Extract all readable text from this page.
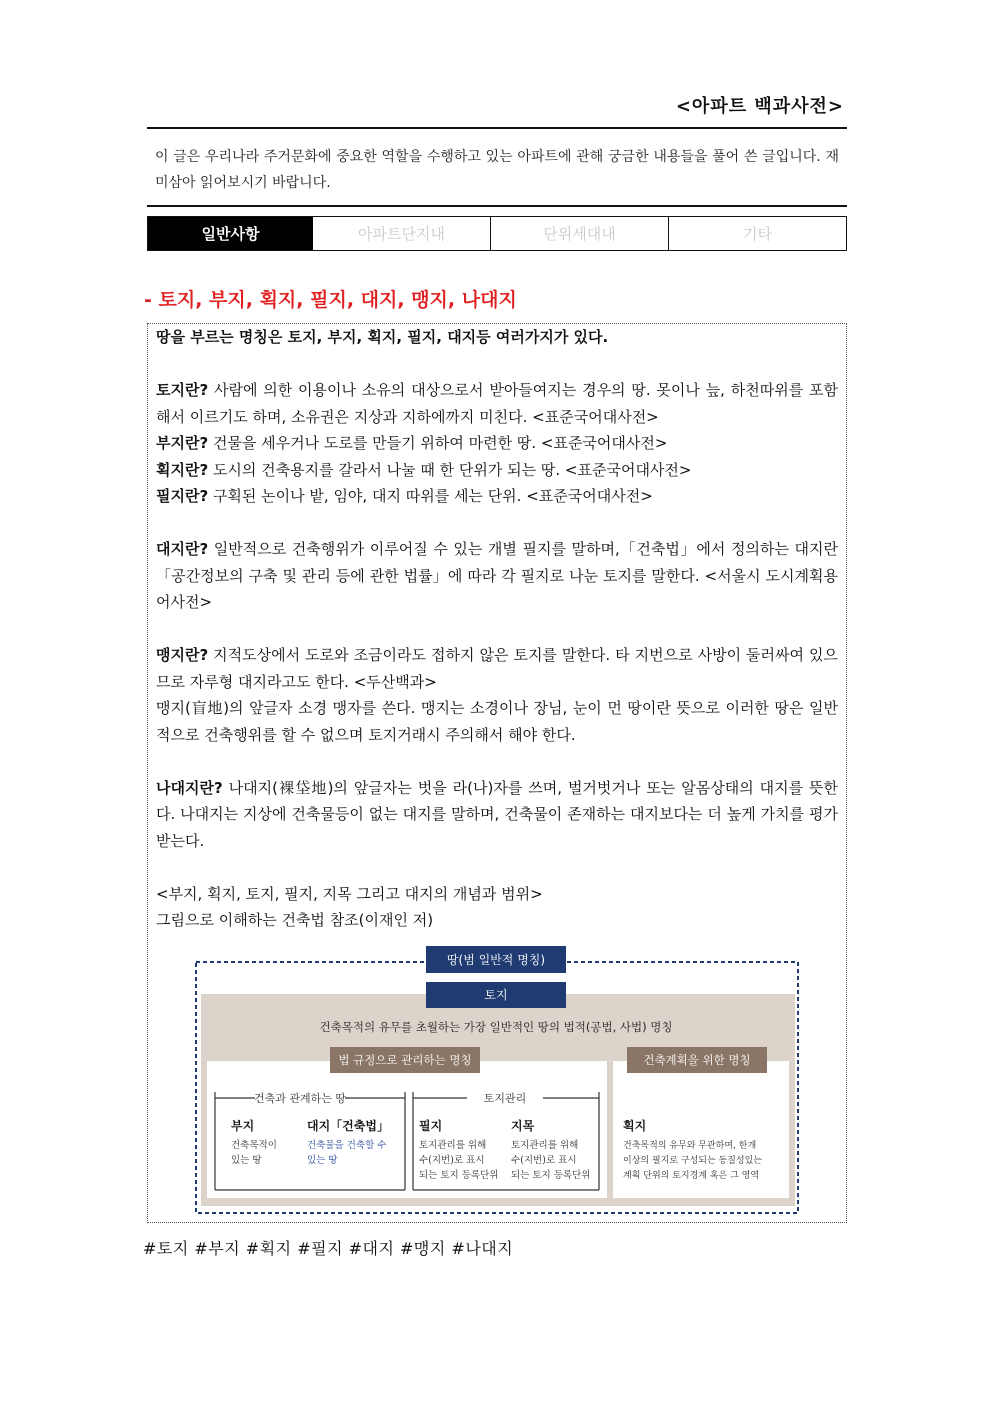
<아파트 백과사전>
이 글은 우리나라 주거문화에 중요한 역할을 수행하고 있는 아파트에 관해 궁금한 내용들을 풀어 쓴 글입니다. 재미삼아 읽어보시기 바랍니다.
일반사항	아파트단지내	단위세대내	기타
- 토지, 부지, 획지, 필지, 대지, 맹지, 나대지

땅을 부르는 명칭은 토지, 부지, 획지, 필지, 대지등 여러가지가 있다.

토지란? 사람에 의한 이용이나 소유의 대상으로서 받아들여지는 경우의 땅. 못이나 늪, 하천따위를 포함해서 이르기도 하며, 소유권은 지상과 지하에까지 미친다. <표준국어대사전>

부지란? 건물을 세우거나 도로를 만들기 위하여 마련한 땅. <표준국어대사전>

획지란? 도시의 건축용지를 갈라서 나눌 때 한 단위가 되는 땅. <표준국어대사전>

필지란? 구획된 논이나 밭, 임야, 대지 따위를 세는 단위. <표준국어대사전>

대지란? 일반적으로 건축행위가 이루어질 수 있는 개별 필지를 말하며,「건축법」에서 정의하는 대지란「공간정보의 구축 및 관리 등에 관한 법률」에 따라 각 필지로 나눈 토지를 말한다. <서울시 도시계획용어사전>

맹지란? 지적도상에서 도로와 조금이라도 접하지 않은 토지를 말한다. 타 지번으로 사방이 둘러싸여 있으므로 자루형 대지라고도 한다. <두산백과>

맹지(盲地)의 앞글자 소경 맹자를 쓴다. 맹지는 소경이나 장님, 눈이 먼 땅이란 뜻으로 이러한 땅은 일반적으로 건축행위를 할 수 없으며 토지거래시 주의해서 해야 한다.

나대지란? 나대지(裸垈地)의 앞글자는 벗을 라(나)자를 쓰며, 벌거벗거나 또는 알몸상태의 대지를 뜻한다. 나대지는 지상에 건축물등이 없는 대지를 말하며, 건축물이 존재하는 대지보다는 더 높게 가치를 평가받는다.

<부지, 획지, 토지, 필지, 지목 그리고 대지의 개념과 범위>

그림으로 이해하는 건축법 참조(이재인 저)

땅(범 일반적 명칭)
토지
건축목적의 유무를 초월하는 가장 일반적인 땅의 법적(공법, 사법) 명칭
법 규정으로 관리하는 명칭	건축계획을 위한 명칭
건축과 관계하는 땅	토지관리
부지
건축목적이
있는 땅
대지「건축법」
건축물을 건축할 수
있는 땅
필지
토지관리를 위해
수(지번)로 표시
되는 토지 등록단위
지목
토지관리를 위해
수(지번)로 표시
되는 토지 등록단위
획지
건축목적의 유무와 무관하며, 한개
이상의 필지로 구성되는 동질성있는
계획 단위의 토지경계 혹은 그 영역
#토지 #부지 #획지 #필지 #대지 #맹지 #나대지
